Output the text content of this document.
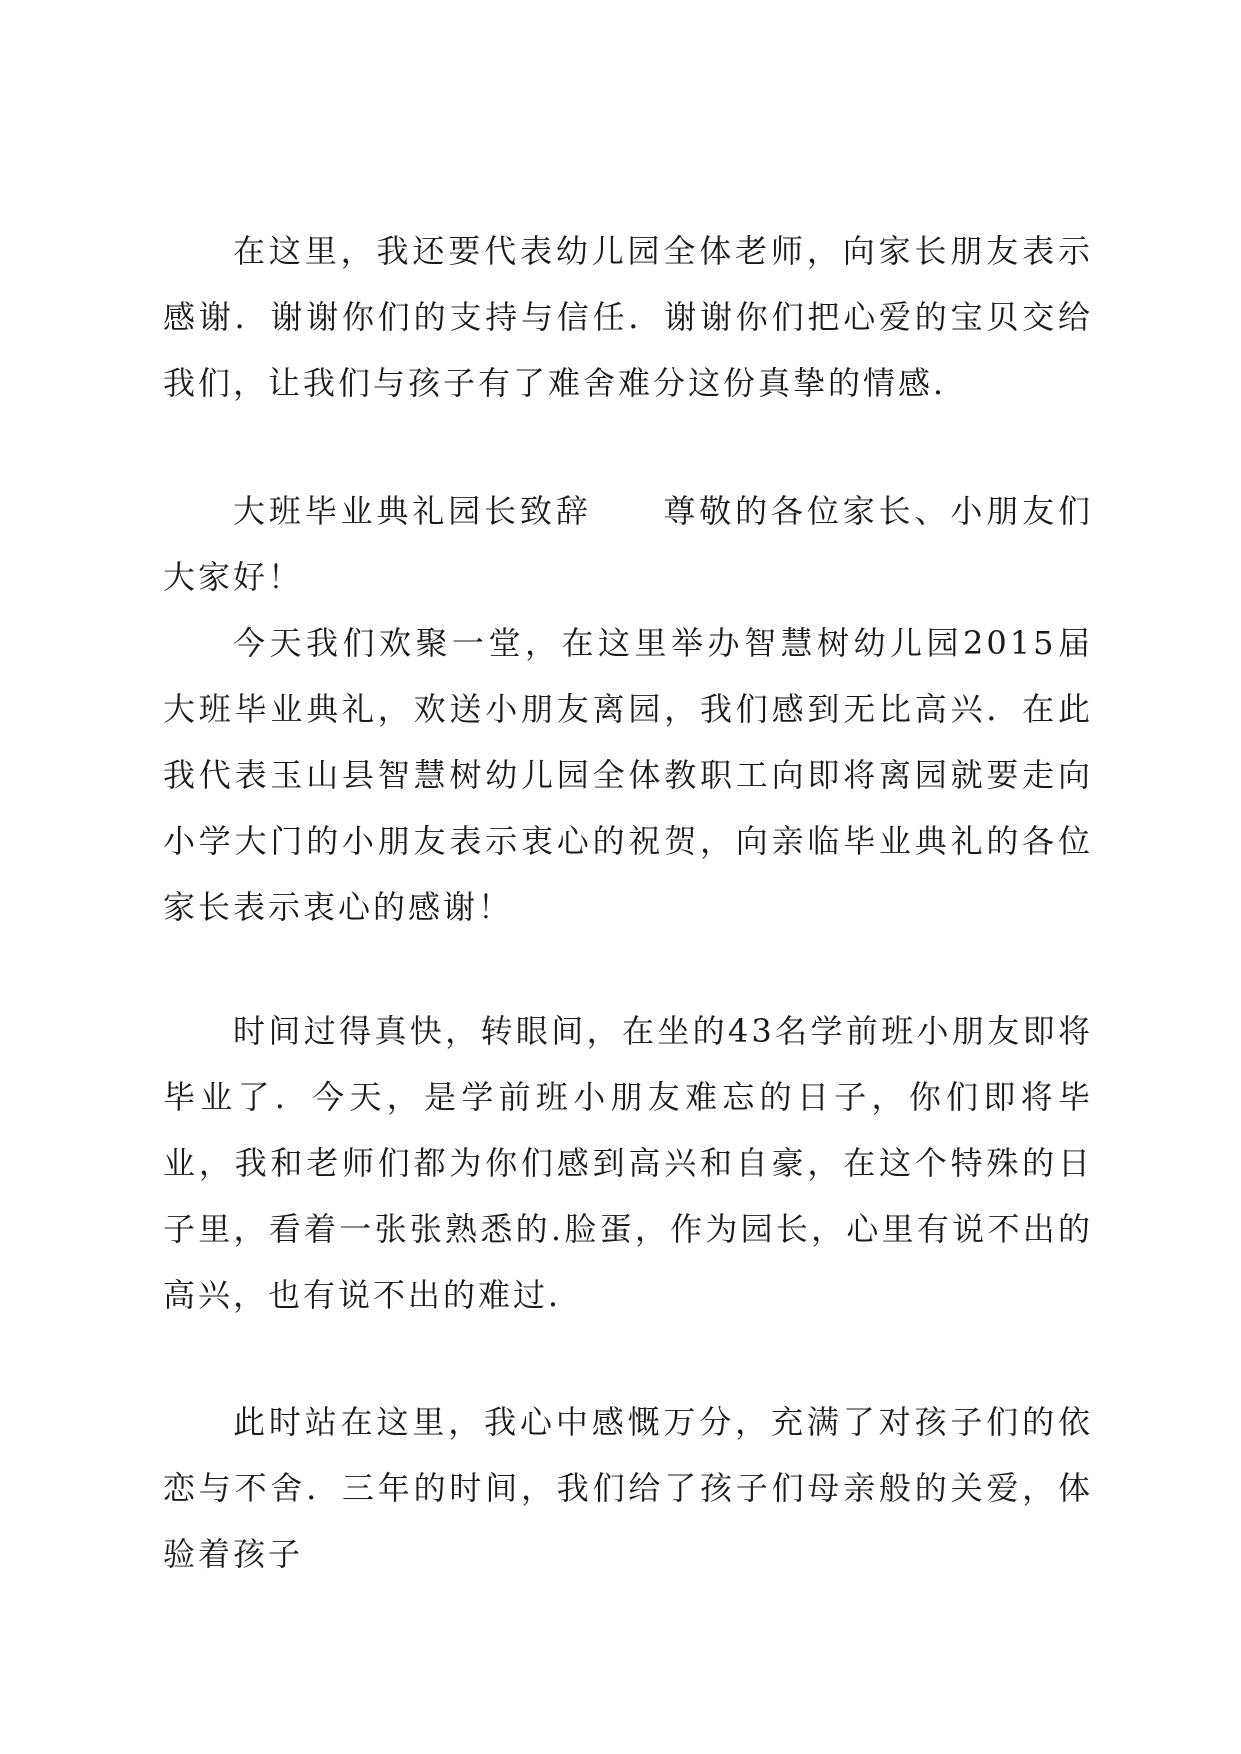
在这里，我还要代表幼儿园全体老师，向家长朋友表示感谢．谢谢你们的支持与信任．谢谢你们把心爱的宝贝交给我们，让我们与孩子有了难舍难分这份真挚的情感．

大班毕业典礼园长致辞　　尊敬的各位家长、小朋友们大家好！

今天我们欢聚一堂，在这里举办智慧树幼儿园2015届大班毕业典礼，欢送小朋友离园，我们感到无比高兴．在此我代表玉山县智慧树幼儿园全体教职工向即将离园就要走向小学大门的小朋友表示衷心的祝贺，向亲临毕业典礼的各位家长表示衷心的感谢！

时间过得真快，转眼间，在坐的43名学前班小朋友即将毕业了．今天，是学前班小朋友难忘的日子，你们即将毕业，我和老师们都为你们感到高兴和自豪，在这个特殊的日子里，看着一张张熟悉的.脸蛋，作为园长，心里有说不出的高兴，也有说不出的难过．

此时站在这里，我心中感慨万分，充满了对孩子们的依恋与不舍．三年的时间，我们给了孩子们母亲般的关爱，体验着孩子
